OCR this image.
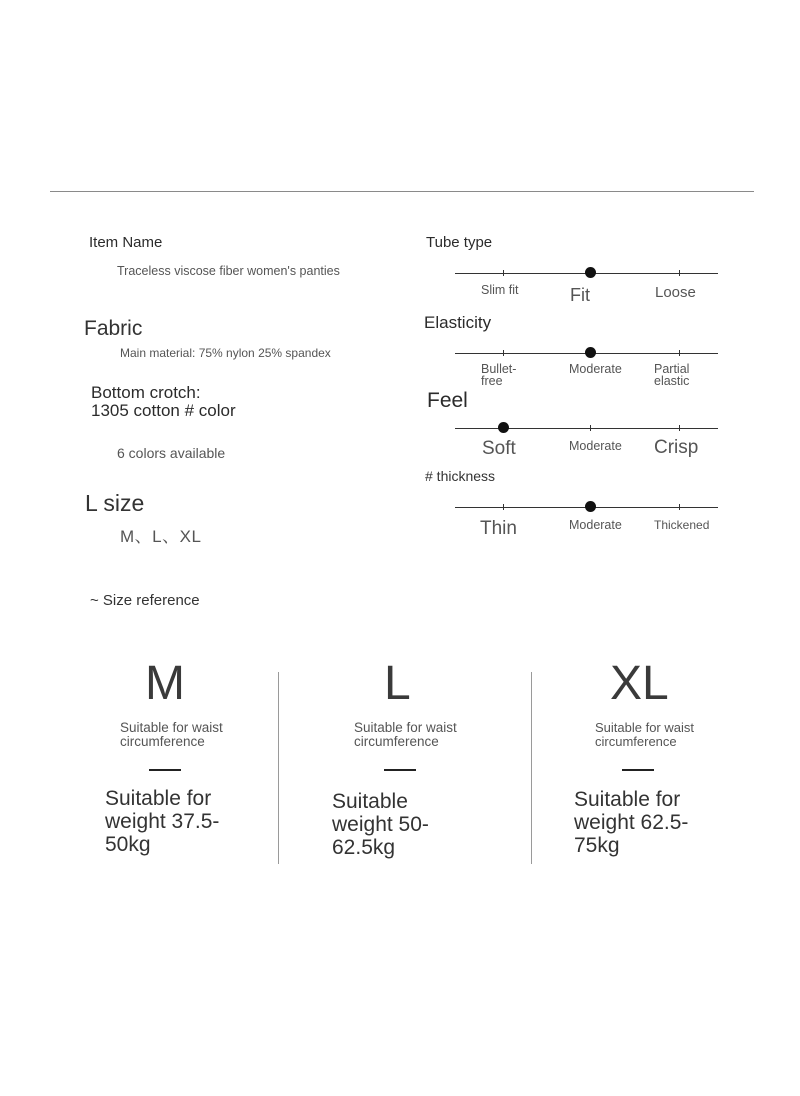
Item Name
Traceless viscose fiber women's panties
Fabric
Main material: 75% nylon 25% spandex
Bottom crotch:
1305 cotton # color
6 colors available
L size
M、L、XL
Tube type
Slim fit	Fit	Loose
Elasticity
Bullet-free
Moderate	Partial elastic
Feel
Soft	Moderate Crisp
# thickness
Thin	Moderate	Thickened
~ Size reference
M
Suitable for waist circumference
Suitable for weight 37.5-50kg
L
Suitable for waist circumference
Suitable weight 50-62.5kg
XL
Suitable for waist circumference
Suitable for weight 62.5-75kg
